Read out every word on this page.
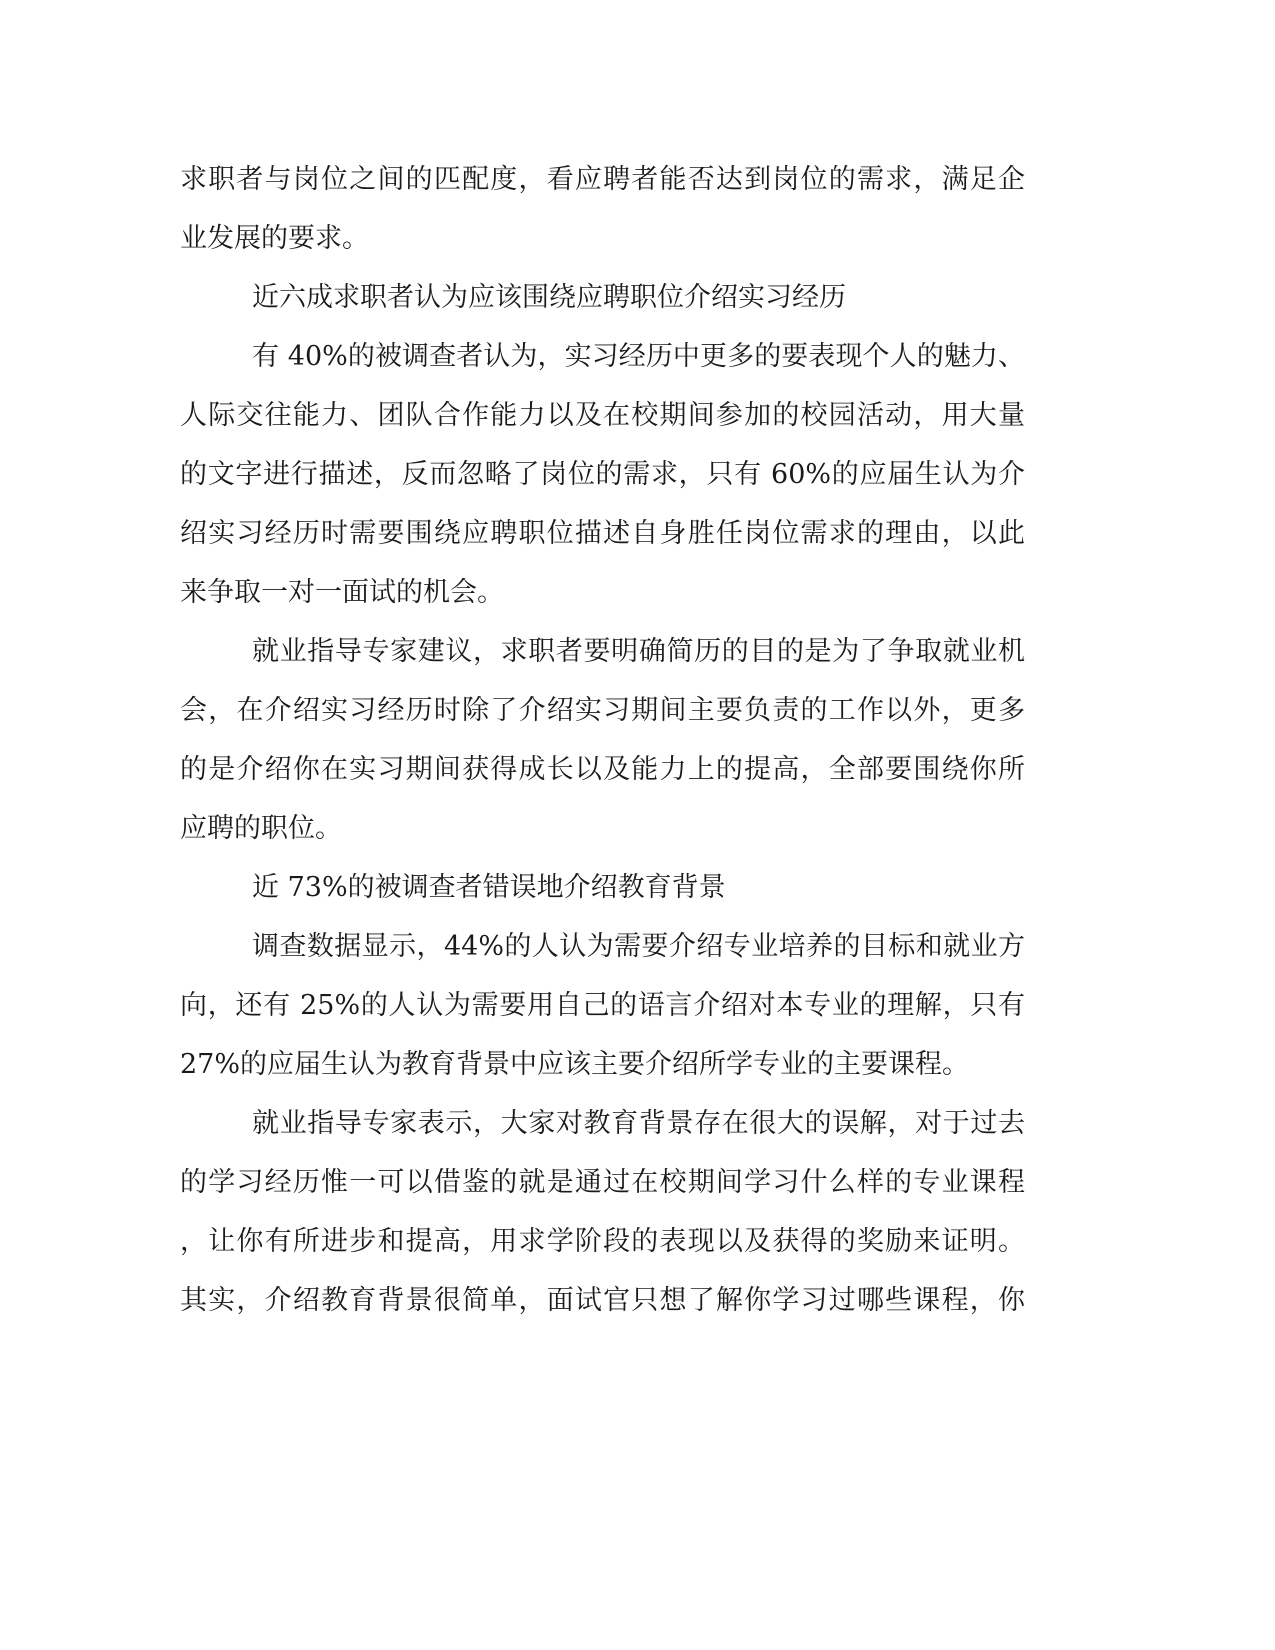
求职者与岗位之间的匹配度，看应聘者能否达到岗位的需求，满足企
业发展的要求。
近六成求职者认为应该围绕应聘职位介绍实习经历
有 40%的被调查者认为，实习经历中更多的要表现个人的魅力、
人际交往能力、团队合作能力以及在校期间参加的校园活动，用大量
的文字进行描述，反而忽略了岗位的需求，只有 60%的应届生认为介
绍实习经历时需要围绕应聘职位描述自身胜任岗位需求的理由，以此
来争取一对一面试的机会。
就业指导专家建议，求职者要明确简历的目的是为了争取就业机
会，在介绍实习经历时除了介绍实习期间主要负责的工作以外，更多
的是介绍你在实习期间获得成长以及能力上的提高，全部要围绕你所
应聘的职位。
近 73%的被调查者错误地介绍教育背景
调查数据显示，44%的人认为需要介绍专业培养的目标和就业方
向，还有 25%的人认为需要用自己的语言介绍对本专业的理解，只有
27%的应届生认为教育背景中应该主要介绍所学专业的主要课程。
就业指导专家表示，大家对教育背景存在很大的误解，对于过去
的学习经历惟一可以借鉴的就是通过在校期间学习什么样的专业课程
，让你有所进步和提高，用求学阶段的表现以及获得的奖励来证明。
其实，介绍教育背景很简单，面试官只想了解你学习过哪些课程，你
